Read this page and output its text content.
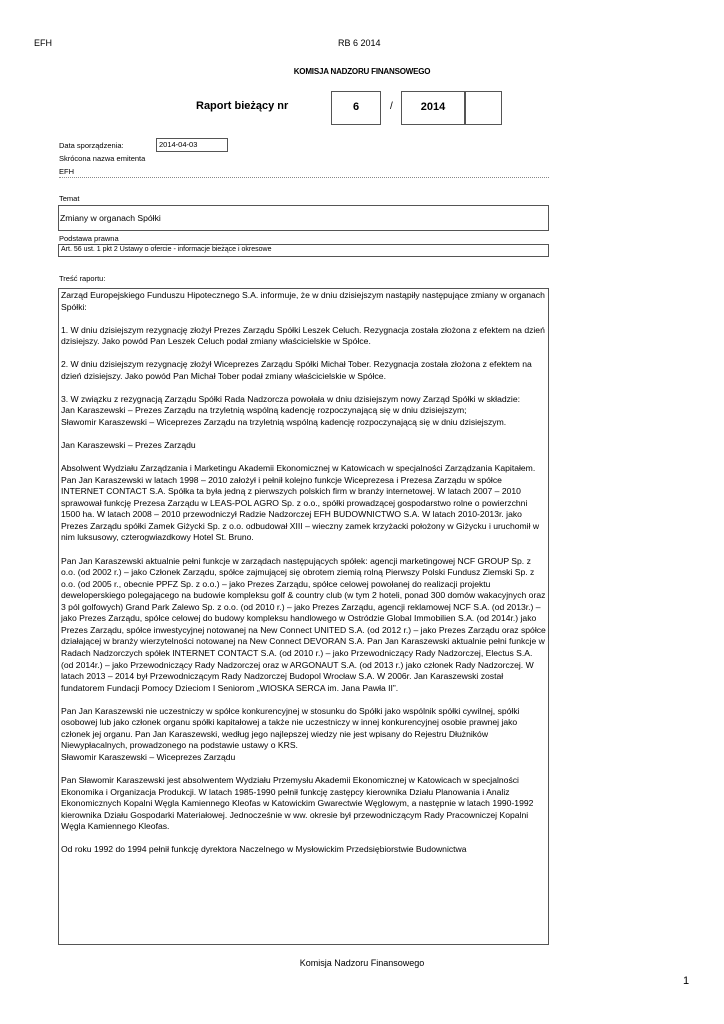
EFH	RB 6 2014
KOMISJA NADZORU FINANSOWEGO
Raport bieżący nr	6	/	2014
Data sporządzenia:	2014-04-03
Skrócona nazwa emitenta
EFH
Temat
Zmiany w organach Spółki
Podstawa prawna
Art. 56 ust. 1 pkt 2 Ustawy o ofercie - informacje bieżące i okresowe
Treść raportu:

Zarząd Europejskiego Funduszu Hipotecznego S.A. informuje, że w dniu dzisiejszym nastąpiły następujące zmiany w organach Spółki:

1. W dniu dzisiejszym rezygnację złożył Prezes Zarządu Spółki Leszek Celuch. Rezygnacja została złożona z efektem na dzień dzisiejszy. Jako powód Pan Leszek Celuch podał zmiany właścicielskie w Spółce.

2. W dniu dzisiejszym rezygnację złożył Wiceprezes Zarządu Spółki Michał Tober. Rezygnacja została złożona z efektem na dzień dzisiejszy. Jako powód Pan Michał Tober podał zmiany właścicielskie w Spółce.

3. W związku z rezygnacją Zarządu Spółki Rada Nadzorcza powołała w dniu dzisiejszym nowy Zarząd Spółki w składzie:
Jan Karaszewski – Prezes Zarządu na trzyletnią wspólną kadencję rozpoczynającą się w dniu dzisiejszym;
Sławomir Karaszewski – Wiceprezes Zarządu na trzyletnią wspólną kadencję rozpoczynającą się w dniu dzisiejszym.

Jan Karaszewski – Prezes Zarządu

Absolwent Wydziału Zarządzania i Marketingu Akademii Ekonomicznej w Katowicach w specjalności Zarządzania Kapitałem. Pan Jan Karaszewski w latach 1998 – 2010 założył i pełnił kolejno funkcje Wiceprezesa i Prezesa Zarządu w spółce INTERNET CONTACT S.A. Spółka ta była jedną z pierwszych polskich firm w branży internetowej. W latach 2007 – 2010 sprawował funkcję Prezesa Zarządu w LEAS-POL AGRO Sp. z o.o., spółki prowadzącej gospodarstwo rolne o powierzchni 1500 ha. W latach 2008 – 2010 przewodniczył Radzie Nadzorczej EFH BUDOWNICTWO S.A. W latach 2010-2013r. jako Prezes Zarządu spółki Zamek Giżycki Sp. z o.o. odbudował XIII – wieczny zamek krzyżacki położony w Giżycku i uruchomił w nim luksusowy, czterogwiazdkowy Hotel St. Bruno.

Pan Jan Karaszewski aktualnie pełni funkcje w zarządach następujących spółek: agencji marketingowej NCF GROUP Sp. z o.o. (od 2002 r.) – jako Członek Zarządu, spółce zajmującej się obrotem ziemią rolną Pierwszy Polski Fundusz Ziemski Sp. z o.o. (od 2005 r., obecnie PPFZ Sp. z o.o.) – jako Prezes Zarządu, spółce celowej powołanej do realizacji projektu deweloperskiego polegającego na budowie kompleksu golf & country club (w tym 2 hoteli, ponad 300 domów wakacyjnych oraz 3 pól golfowych) Grand Park Zalewo Sp. z o.o. (od 2010 r.) – jako Prezes Zarządu, agencji reklamowej NCF S.A. (od 2013r.) – jako Prezes Zarządu, spółce celowej do budowy kompleksu handlowego w Ostródzie Global Immobilien S.A. (od 2014r.) jako Prezes Zarządu, spółce inwestycyjnej notowanej na New Connect UNITED S.A. (od 2012 r.) – jako Prezes Zarządu oraz spółce działającej w branży wierzytelności notowanej na New Connect DEVORAN S.A. Pan Jan Karaszewski aktualnie pełni funkcje w Radach Nadzorczych spółek INTERNET CONTACT S.A. (od 2010 r.) – jako Przewodniczący Rady Nadzorczej, Electus S.A. (od 2014r.) – jako Przewodniczący Rady Nadzorczej oraz w ARGONAUT S.A. (od 2013 r.) jako członek Rady Nadzorczej. W latach 2013 – 2014 był Przewodniczącym Rady Nadzorczej Budopol Wrocław S.A. W 2006r. Jan Karaszewski został fundatorem Fundacji Pomocy Dzieciom I Seniorom „WIOSKA SERCA im. Jana Pawła II”.

Pan Jan Karaszewski nie uczestniczy w spółce konkurencyjnej w stosunku do Spółki jako wspólnik spółki cywilnej, spółki osobowej lub jako członek organu spółki kapitałowej a także nie uczestniczy w innej konkurencyjnej osobie prawnej jako członek jej organu. Pan Jan Karaszewski, według jego najlepszej wiedzy nie jest wpisany do Rejestru Dłużników Niewypłacalnych, prowadzonego na podstawie ustawy o KRS.
Sławomir Karaszewski – Wiceprezes Zarządu

Pan Sławomir Karaszewski jest absolwentem Wydziału Przemysłu Akademii Ekonomicznej w Katowicach w specjalności Ekonomika i Organizacja Produkcji. W latach 1985-1990 pełnił funkcję zastępcy kierownika Działu Planowania i Analiz Ekonomicznych Kopalni Węgla Kamiennego Kleofas w Katowickim Gwarectwie Węglowym, a następnie w latach 1990-1992 kierownika Działu Gospodarki Materiałowej. Jednocześnie w ww. okresie był przewodniczącym Rady Pracowniczej Kopalni Węgla Kamiennego Kleofas.

Od roku 1992 do 1994 pełnił funkcję dyrektora Naczelnego w Mysłowickim Przedsiębiorstwie Budownictwa

Komisja Nadzoru Finansowego
1
